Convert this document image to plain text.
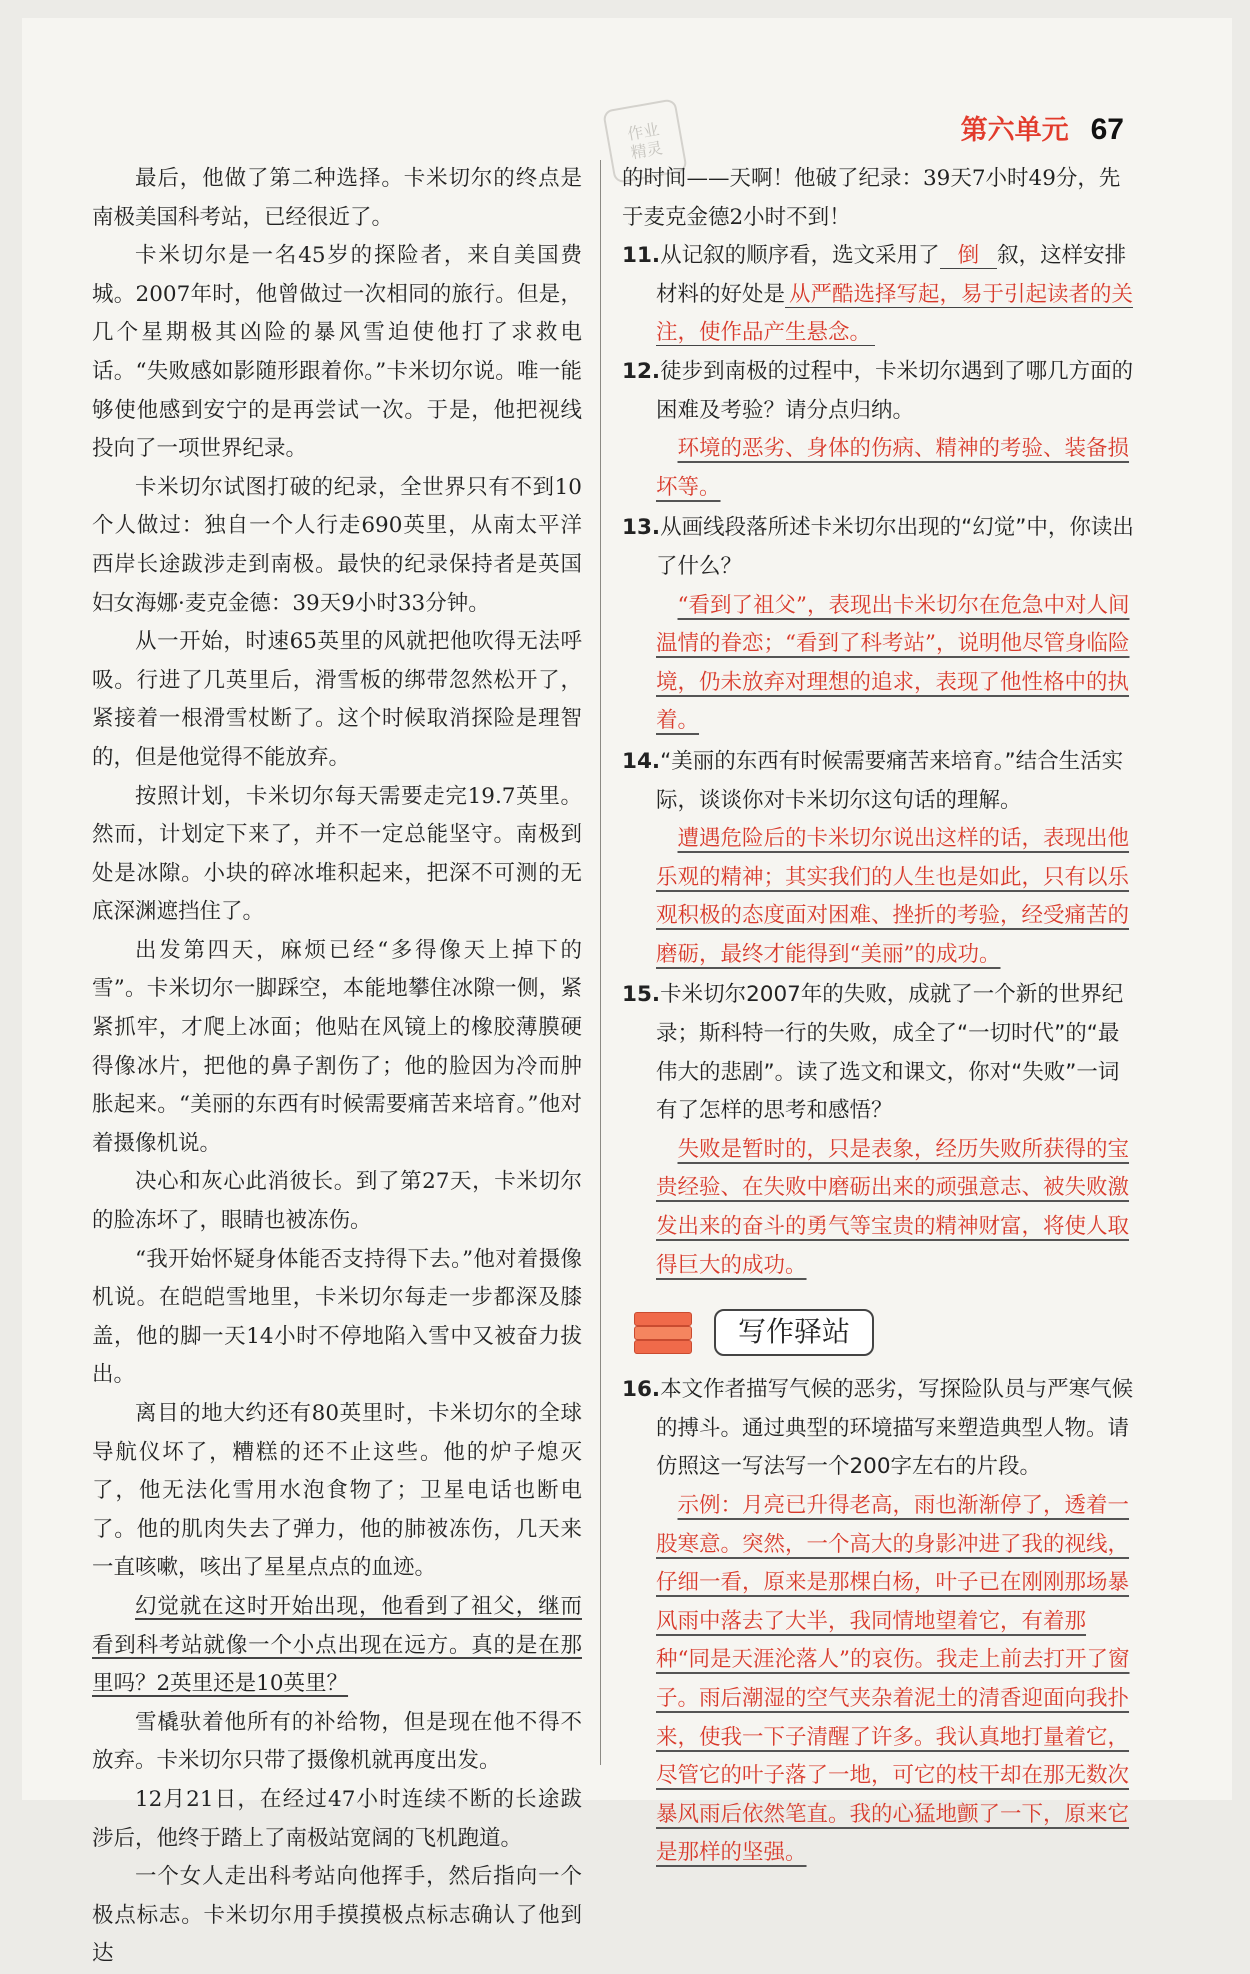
作业
精灵
第六单元 67

最后，他做了第二种选择。卡米切尔的终点是南极美国科考站，已经很近了。

卡米切尔是一名45岁的探险者，来自美国费城。2007年时，他曾做过一次相同的旅行。但是，几个星期极其凶险的暴风雪迫使他打了求救电话。“失败感如影随形跟着你。”卡米切尔说。唯一能够使他感到安宁的是再尝试一次。于是，他把视线投向了一项世界纪录。

卡米切尔试图打破的纪录，全世界只有不到10个人做过：独自一个人行走690英里，从南太平洋西岸长途跋涉走到南极。最快的纪录保持者是英国妇女海娜·麦克金德：39天9小时33分钟。

从一开始，时速65英里的风就把他吹得无法呼吸。行进了几英里后，滑雪板的绑带忽然松开了，紧接着一根滑雪杖断了。这个时候取消探险是理智的，但是他觉得不能放弃。

按照计划，卡米切尔每天需要走完19.7英里。然而，计划定下来了，并不一定总能坚守。南极到处是冰隙。小块的碎冰堆积起来，把深不可测的无底深渊遮挡住了。

出发第四天，麻烦已经“多得像天上掉下的雪”。卡米切尔一脚踩空，本能地攀住冰隙一侧，紧紧抓牢，才爬上冰面；他贴在风镜上的橡胶薄膜硬得像冰片，把他的鼻子割伤了；他的脸因为冷而肿胀起来。“美丽的东西有时候需要痛苦来培育。”他对着摄像机说。

决心和灰心此消彼长。到了第27天，卡米切尔的脸冻坏了，眼睛也被冻伤。

“我开始怀疑身体能否支持得下去。”他对着摄像机说。在皑皑雪地里，卡米切尔每走一步都深及膝盖，他的脚一天14小时不停地陷入雪中又被奋力拔出。

离目的地大约还有80英里时，卡米切尔的全球导航仪坏了，糟糕的还不止这些。他的炉子熄灭了，他无法化雪用水泡食物了；卫星电话也断电了。他的肌肉失去了弹力，他的肺被冻伤，几天来一直咳嗽，咳出了星星点点的血迹。

幻觉就在这时开始出现，他看到了祖父，继而看到科考站就像一个小点出现在远方。真的是在那里吗？2英里还是10英里？

雪橇驮着他所有的补给物，但是现在他不得不放弃。卡米切尔只带了摄像机就再度出发。

12月21日，在经过47小时连续不断的长途跋涉后，他终于踏上了南极站宽阔的飞机跑道。

一个女人走出科考站向他挥手，然后指向一个极点标志。卡米切尔用手摸摸极点标志确认了他到达

的时间——天啊！他破了纪录：39天7小时49分，先于麦克金德2小时不到！

11.从记叙的顺序看，选文采用了 倒 叙，这样安排材料的好处是 从严酷选择写起，易于引起读者的关注，使作品产生悬念。

12.徒步到南极的过程中，卡米切尔遇到了哪几方面的困难及考验？请分点归纳。

环境的恶劣、身体的伤病、精神的考验、装备损坏等。

13.从画线段落所述卡米切尔出现的“幻觉”中，你读出了什么？

“看到了祖父”，表现出卡米切尔在危急中对人间温情的眷恋；“看到了科考站”，说明他尽管身临险境，仍未放弃对理想的追求，表现了他性格中的执着。

14.“美丽的东西有时候需要痛苦来培育。”结合生活实际，谈谈你对卡米切尔这句话的理解。

遭遇危险后的卡米切尔说出这样的话，表现出他乐观的精神；其实我们的人生也是如此，只有以乐观积极的态度面对困难、挫折的考验，经受痛苦的磨砺，最终才能得到“美丽”的成功。

15.卡米切尔2007年的失败，成就了一个新的世界纪录；斯科特一行的失败，成全了“一切时代”的“最伟大的悲剧”。读了选文和课文，你对“失败”一词有了怎样的思考和感悟？

失败是暂时的，只是表象，经历失败所获得的宝贵经验、在失败中磨砺出来的顽强意志、被失败激发出来的奋斗的勇气等宝贵的精神财富，将使人取得巨大的成功。

写作驿站

16.本文作者描写气候的恶劣，写探险队员与严寒气候的搏斗。通过典型的环境描写来塑造典型人物。请仿照这一写法写一个200字左右的片段。

示例：月亮已升得老高，雨也渐渐停了，透着一股寒意。突然，一个高大的身影冲进了我的视线，仔细一看，原来是那棵白杨，叶子已在刚刚那场暴风雨中落去了大半，我同情地望着它，有着那种“同是天涯沦落人”的哀伤。我走上前去打开了窗子。雨后潮湿的空气夹杂着泥土的清香迎面向我扑来，使我一下子清醒了许多。我认真地打量着它，尽管它的叶子落了一地，可它的枝干却在那无数次暴风雨后依然笔直。我的心猛地颤了一下，原来它是那样的坚强。
